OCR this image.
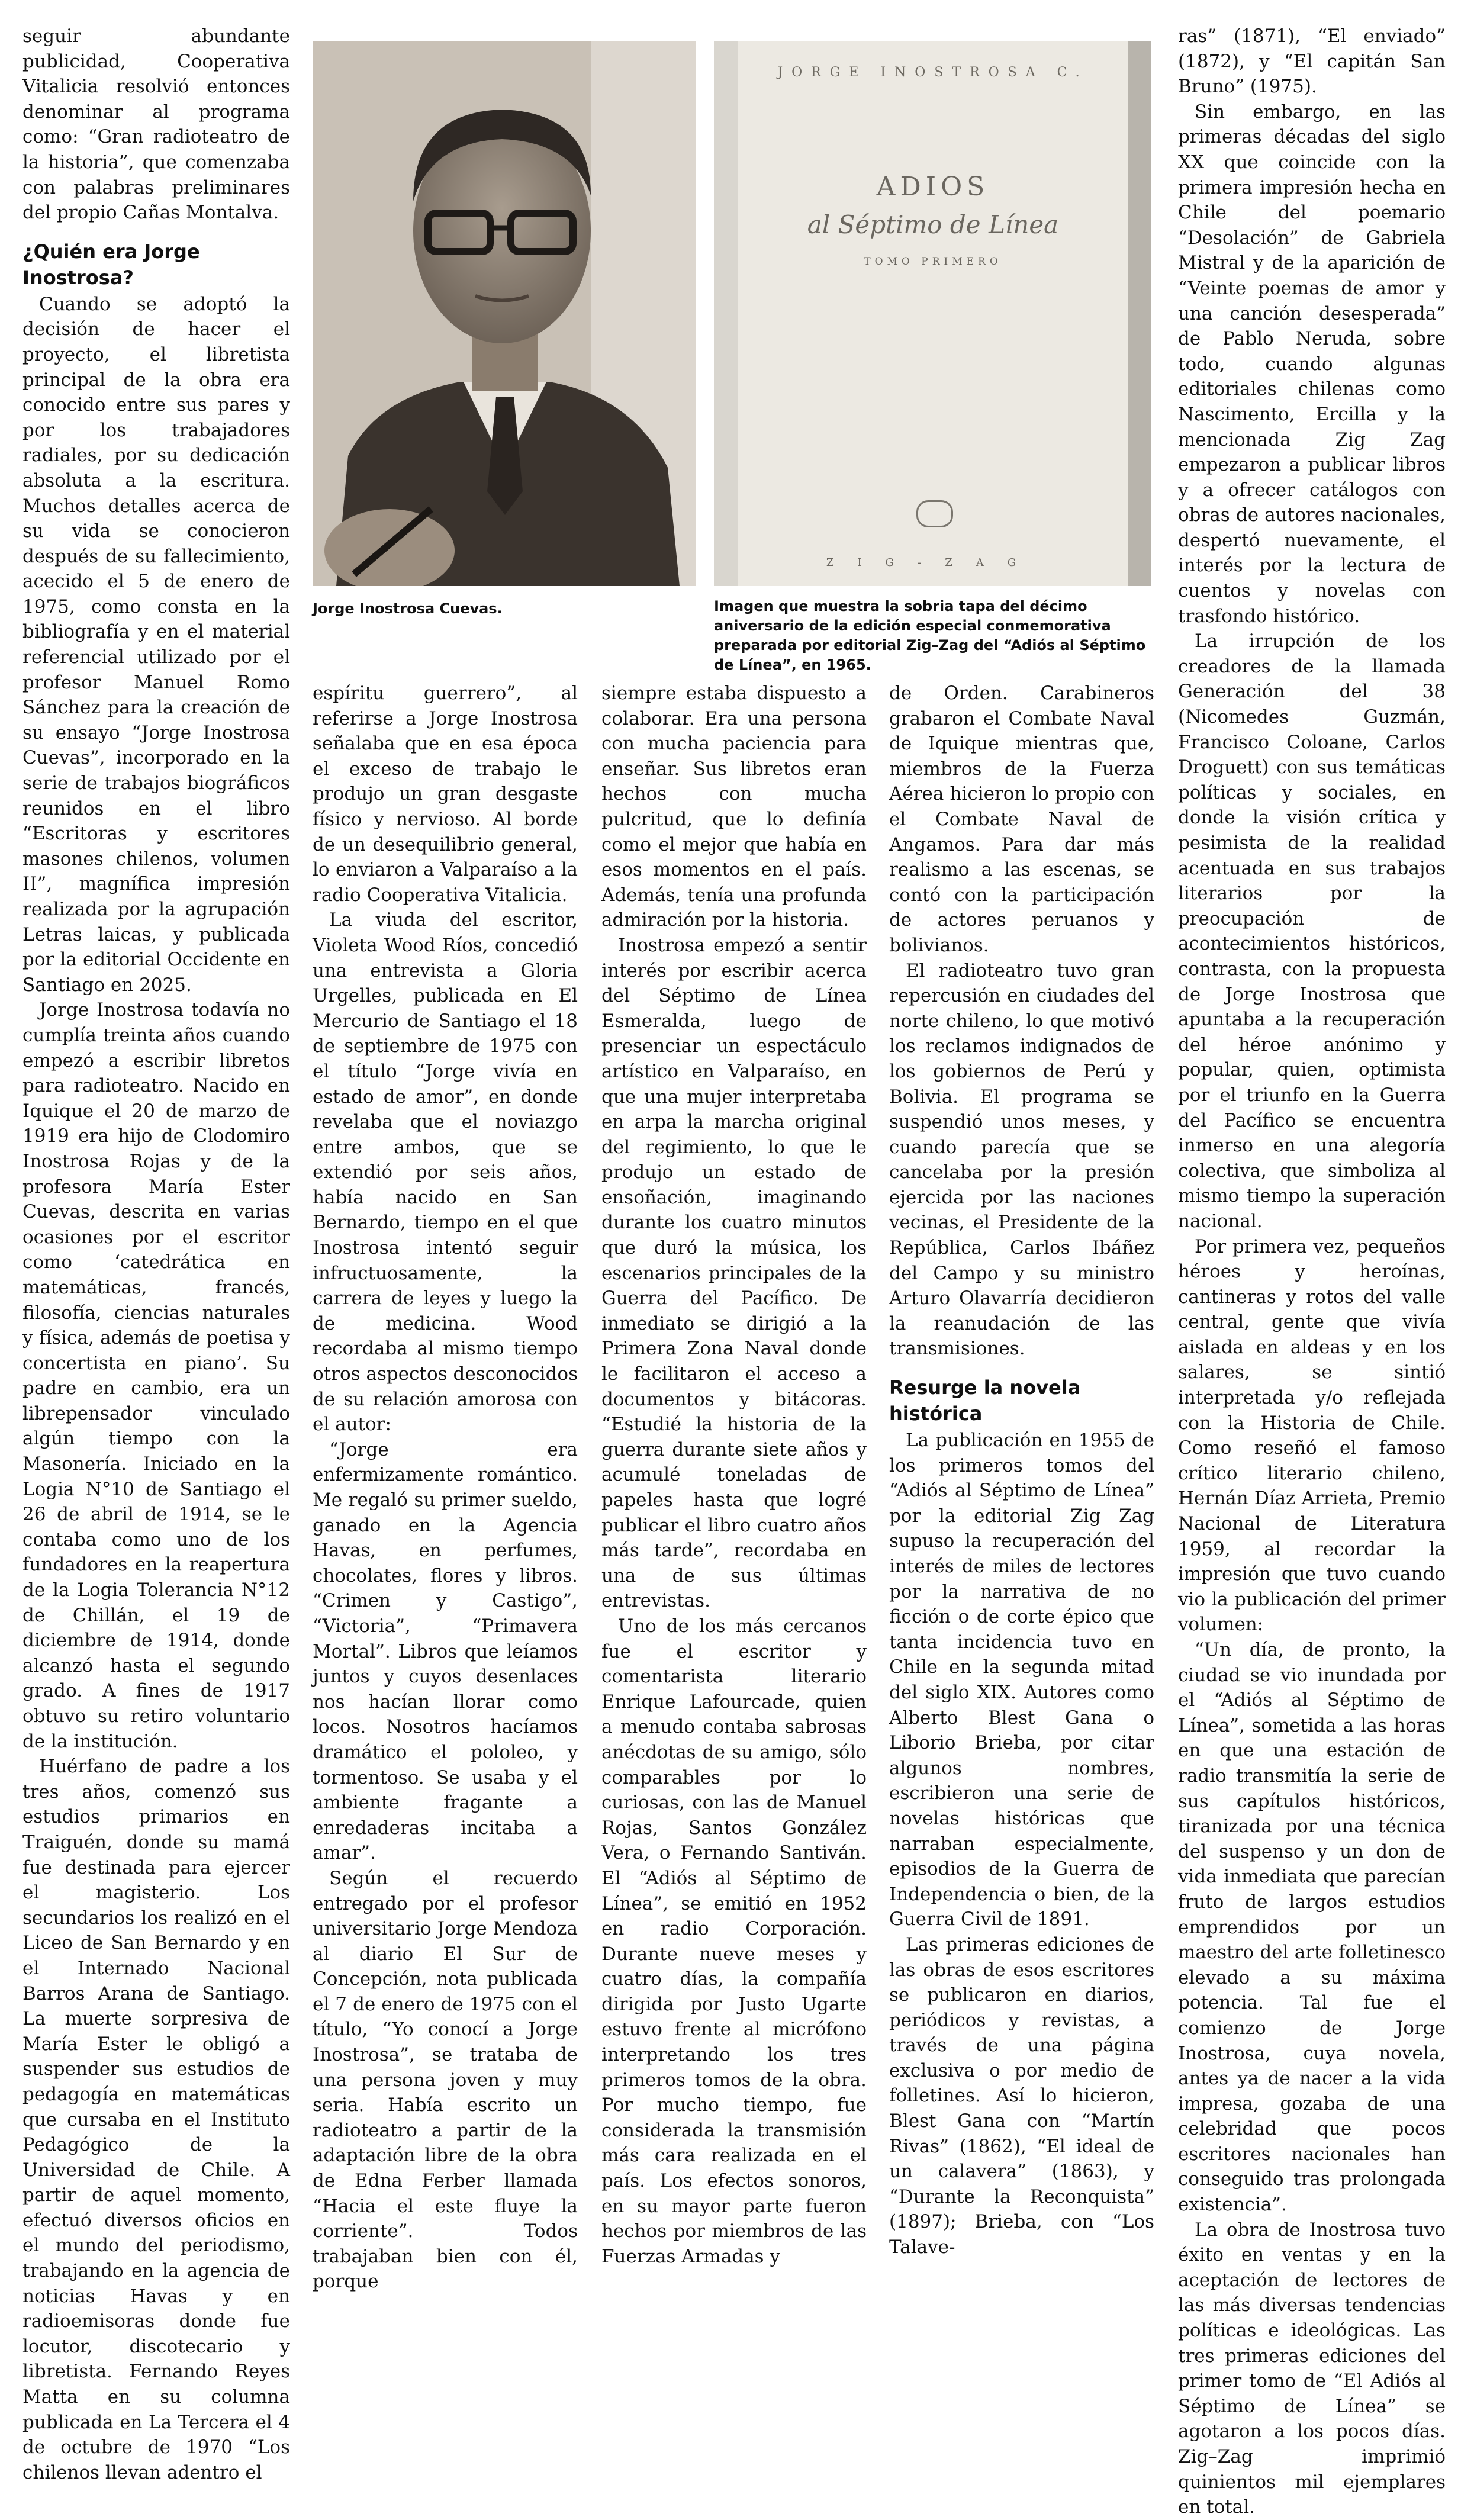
seguir abundante publicidad, Cooperativa Vitalicia resolvió entonces denominar al programa como: “Gran radioteatro de la historia”, que comenzaba con palabras preliminares del propio Cañas Montalva.

¿Quién era Jorge Inostrosa?

Cuando se adoptó la decisión de hacer el proyecto, el libretista principal de la obra era conocido entre sus pares y por los trabajadores radiales, por su dedicación absoluta a la escritura. Muchos detalles acerca de su vida se conocieron después de su fallecimiento, acecido el 5 de enero de 1975, como consta en la bibliografía y en el material referencial utilizado por el profesor Manuel Romo Sánchez para la creación de su ensayo “Jorge Inostrosa Cuevas”, incorporado en la serie de trabajos biográficos reunidos en el libro “Escritoras y escritores masones chilenos, volumen II”, magnífica impresión realizada por la agrupación Letras laicas, y publicada por la editorial Occidente en Santiago en 2025.

Jorge Inostrosa todavía no cumplía treinta años cuando empezó a escribir libretos para radioteatro. Nacido en Iquique el 20 de marzo de 1919 era hijo de Clodomiro Inostrosa Rojas y de la profesora María Ester Cuevas, descrita en varias ocasiones por el escritor como ‘catedrática en matemáticas, francés, filosofía, ciencias naturales y física, además de poetisa y concertista en piano’. Su padre en cambio, era un librepensador vinculado algún tiempo con la Masonería. Iniciado en la Logia N°10 de Santiago el 26 de abril de 1914, se le contaba como uno de los fundadores en la reapertura de la Logia Tolerancia N°12 de Chillán, el 19 de diciembre de 1914, donde alcanzó hasta el segundo grado. A fines de 1917 obtuvo su retiro voluntario de la institución.

Huérfano de padre a los tres años, comenzó sus estudios primarios en Traiguén, donde su mamá fue destinada para ejercer el magisterio. Los secundarios los realizó en el Liceo de San Bernardo y en el Internado Nacional Barros Arana de Santiago. La muerte sorpresiva de María Ester le obligó a suspender sus estudios de pedagogía en matemáticas que cursaba en el Instituto Pedagógico de la Universidad de Chile. A partir de aquel momento, efectuó diversos oficios en el mundo del periodismo, trabajando en la agencia de noticias Havas y en radioemisoras donde fue locutor, discotecario y libretista. Fernando Reyes Matta en su columna publicada en La Tercera el 4 de octubre de 1970 “Los chilenos llevan adentro el

Jorge Inostrosa Cuevas.
JORGE INOSTROSA C.
ADIOS
al Séptimo de Línea
TOMO PRIMERO
ZIG-ZAG
Imagen que muestra la sobria tapa del décimo aniversario de la edición especial conmemorativa preparada por editorial Zig–Zag del “Adiós al Séptimo de Línea”, en 1965.

espíritu guerrero”, al referirse a Jorge Inostrosa señalaba que en esa época el exceso de trabajo le produjo un gran desgaste físico y nervioso. Al borde de un desequilibrio general, lo enviaron a Valparaíso a la radio Cooperativa Vitalicia.

La viuda del escritor, Violeta Wood Ríos, concedió una entrevista a Gloria Urgelles, publicada en El Mercurio de Santiago el 18 de septiembre de 1975 con el título “Jorge vivía en estado de amor”, en donde revelaba que el noviazgo entre ambos, que se extendió por seis años, había nacido en San Bernardo, tiempo en el que Inostrosa intentó seguir infructuosamente, la carrera de leyes y luego la de medicina. Wood recordaba al mismo tiempo otros aspectos desconocidos de su relación amorosa con el autor:

“Jorge era enfermizamente romántico. Me regaló su primer sueldo, ganado en la Agencia Havas, en perfumes, chocolates, flores y libros. “Crimen y Castigo”, “Victoria”, “Primavera Mortal”. Libros que leíamos juntos y cuyos desenlaces nos hacían llorar como locos. Nosotros hacíamos dramático el pololeo, y tormentoso. Se usaba y el ambiente fragante a enredaderas incitaba a amar”.

Según el recuerdo entregado por el profesor universitario Jorge Mendoza al diario El Sur de Concepción, nota publicada el 7 de enero de 1975 con el título, “Yo conocí a Jorge Inostrosa”, se trataba de una persona joven y muy seria. Había escrito un radioteatro a partir de la adaptación libre de la obra de Edna Ferber llamada “Hacia el este fluye la corriente”. Todos trabajaban bien con él, porque

siempre estaba dispuesto a colaborar. Era una persona con mucha paciencia para enseñar. Sus libretos eran hechos con mucha pulcritud, que lo definía como el mejor que había en esos momentos en el país. Además, tenía una profunda admiración por la historia.

Inostrosa empezó a sentir interés por escribir acerca del Séptimo de Línea Esmeralda, luego de presenciar un espectáculo artístico en Valparaíso, en que una mujer interpretaba en arpa la marcha original del regimiento, lo que le produjo un estado de ensoñación, imaginando durante los cuatro minutos que duró la música, los escenarios principales de la Guerra del Pacífico. De inmediato se dirigió a la Primera Zona Naval donde le facilitaron el acceso a documentos y bitácoras. “Estudié la historia de la guerra durante siete años y acumulé toneladas de papeles hasta que logré publicar el libro cuatro años más tarde”, recordaba en una de sus últimas entrevistas.

Uno de los más cercanos fue el escritor y comentarista literario Enrique Lafourcade, quien a menudo contaba sabrosas anécdotas de su amigo, sólo comparables por lo curiosas, con las de Manuel Rojas, Santos González Vera, o Fernando Santiván. El “Adiós al Séptimo de Línea”, se emitió en 1952 en radio Corporación. Durante nueve meses y cuatro días, la compañía dirigida por Justo Ugarte estuvo frente al micrófono interpretando los tres primeros tomos de la obra. Por mucho tiempo, fue considerada la transmisión más cara realizada en el país. Los efectos sonoros, en su mayor parte fueron hechos por miembros de las Fuerzas Armadas y

de Orden. Carabineros grabaron el Combate Naval de Iquique mientras que, miembros de la Fuerza Aérea hicieron lo propio con el Combate Naval de Angamos. Para dar más realismo a las escenas, se contó con la participación de actores peruanos y bolivianos.

El radioteatro tuvo gran repercusión en ciudades del norte chileno, lo que motivó los reclamos indignados de los gobiernos de Perú y Bolivia. El programa se suspendió unos meses, y cuando parecía que se cancelaba por la presión ejercida por las naciones vecinas, el Presidente de la República, Carlos Ibáñez del Campo y su ministro Arturo Olavarría decidieron la reanudación de las transmisiones.

Resurge la novela histórica

La publicación en 1955 de los primeros tomos del “Adiós al Séptimo de Línea” por la editorial Zig Zag supuso la recuperación del interés de miles de lectores por la narrativa de no ficción o de corte épico que tanta incidencia tuvo en Chile en la segunda mitad del siglo XIX. Autores como Alberto Blest Gana o Liborio Brieba, por citar algunos nombres, escribieron una serie de novelas históricas que narraban especialmente, episodios de la Guerra de Independencia o bien, de la Guerra Civil de 1891.

Las primeras ediciones de las obras de esos escritores se publicaron en diarios, periódicos y revistas, a través de una página exclusiva o por medio de folletines. Así lo hicieron, Blest Gana con “Martín Rivas” (1862), “El ideal de un calavera” (1863), y “Durante la Reconquista” (1897); Brieba, con “Los Talave-

ras” (1871), “El enviado” (1872), y “El capitán San Bruno” (1975).

Sin embargo, en las primeras décadas del siglo XX que coincide con la primera impresión hecha en Chile del poemario “Desolación” de Gabriela Mistral y de la aparición de “Veinte poemas de amor y una canción desesperada” de Pablo Neruda, sobre todo, cuando algunas editoriales chilenas como Nascimento, Ercilla y la mencionada Zig Zag empezaron a publicar libros y a ofrecer catálogos con obras de autores nacionales, despertó nuevamente, el interés por la lectura de cuentos y novelas con trasfondo histórico.

La irrupción de los creadores de la llamada Generación del 38 (Nicomedes Guzmán, Francisco Coloane, Carlos Droguett) con sus temáticas políticas y sociales, en donde la visión crítica y pesimista de la realidad acentuada en sus trabajos literarios por la preocupación de acontecimientos históricos, contrasta, con la propuesta de Jorge Inostrosa que apuntaba a la recuperación del héroe anónimo y popular, quien, optimista por el triunfo en la Guerra del Pacífico se encuentra inmerso en una alegoría colectiva, que simboliza al mismo tiempo la superación nacional.

Por primera vez, pequeños héroes y heroínas, cantineras y rotos del valle central, gente que vivía aislada en aldeas y en los salares, se sintió interpretada y/o reflejada con la Historia de Chile. Como reseñó el famoso crítico literario chileno, Hernán Díaz Arrieta, Premio Nacional de Literatura 1959, al recordar la impresión que tuvo cuando vio la publicación del primer volumen:

“Un día, de pronto, la ciudad se vio inundada por el “Adiós al Séptimo de Línea”, sometida a las horas en que una estación de radio transmitía la serie de sus capítulos históricos, tiranizada por una técnica del suspenso y un don de vida inmediata que parecían fruto de largos estudios emprendidos por un maestro del arte folletinesco elevado a su máxima potencia. Tal fue el comienzo de Jorge Inostrosa, cuya novela, antes ya de nacer a la vida impresa, gozaba de una celebridad que pocos escritores nacionales han conseguido tras prolongada existencia”.

La obra de Inostrosa tuvo éxito en ventas y en la aceptación de lectores de las más diversas tendencias políticas e ideológicas. Las tres primeras ediciones del primer tomo de “El Adiós al Séptimo de Línea” se agotaron a los pocos días. Zig–Zag imprimió quinientos mil ejemplares en total.
